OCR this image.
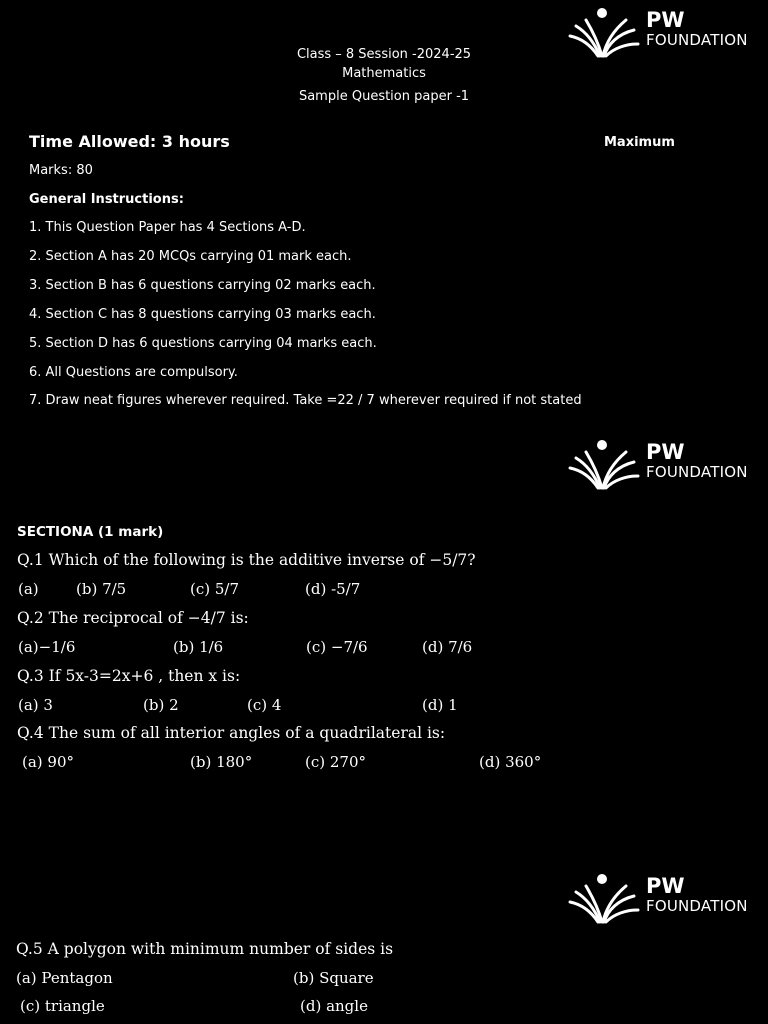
PW
FOUNDATION
PW
FOUNDATION
PW
FOUNDATION
Class – 8 Session -2024-25
Mathematics
Sample Question paper -1
Time Allowed: 3 hours	Maximum
Marks: 80
General Instructions:
1. This Question Paper has 4 Sections A-D.
2. Section A has 20 MCQs carrying 01 mark each.
3. Section B has 6 questions carrying 02 marks each.
4. Section C has 8 questions carrying 03 marks each.
5. Section D has 6 questions carrying 04 marks each.
6. All Questions are compulsory.
7. Draw neat figures wherever required. Take =22 / 7 wherever required if not stated
SECTIONA (1 mark)
Q.1 Which of the following is the additive inverse of −5/7?
(a) (b) 7/5	(c) 5/7	(d) -5/7
Q.2 The reciprocal of −4/7 is:
(a)−1/6	(b) 1/6	(c) −7/6	(d) 7/6
Q.3 If 5x-3=2x+6 , then x is:
(a) 3	(b) 2	(c) 4	(d) 1
Q.4 The sum of all interior angles of a quadrilateral is:
(a) 90°	(b) 180°	(c) 270°	(d) 360°
Q.5 A polygon with minimum number of sides is
(a) Pentagon	(b) Square
(c) triangle	(d) angle
